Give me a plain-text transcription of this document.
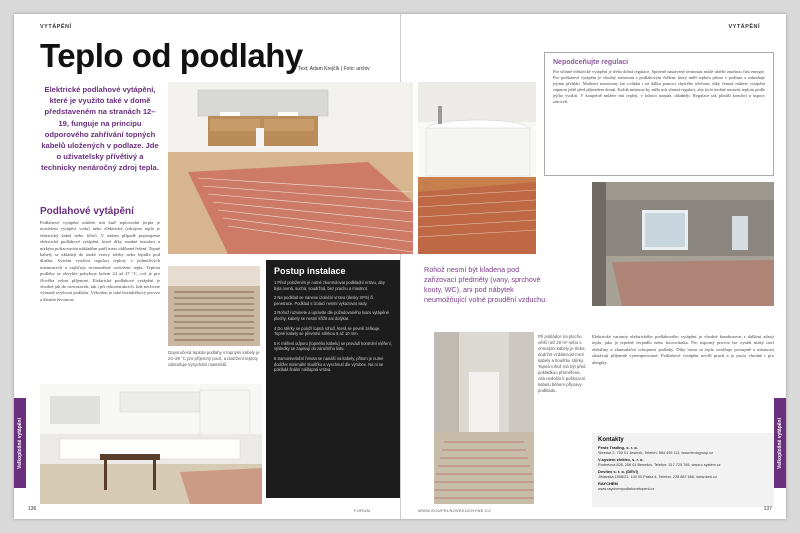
VYTÁPĚNÍ	VYTÁPĚNÍ
Teplo od podlahy
Text: Adam Krejčík | Foto: archiv
Elektrické podlahové vytápění, které je využito také v domě představeném na stranách 12–19, funguje na principu odporového zahřívání topných kabelů uložených v podlaze. Jde o uživatelsky přívětivý a technicky nenáročný zdroj tepla.
Podlahové vytápění
Podlahové vytápění můžete mít buď teplovodní (tepla je nositelem vytápěcí voda) nebo elektrické (zdrojem tepla je elektrický kabel nebo fólie). V našem případě popisujeme elektrické podlahové vytápění, které díky snadné instalaci a nízkým pořizovacím nákladům patří mezi oblíbená řešení. Topné kabely se ukládají do tenké vrstvy stěrky nebo lepidla pod dlažbu. Systém využívá regulaci teploty v jednotlivých místnostech a zajišťuje rovnoměrné rozložení tepla. Teplota podlahy se obvykle pohybuje kolem 24 až 27 °C, což je pro člověka velmi příjemné. Elektrické podlahové vytápění je vhodné jak do novostaveb, tak i při rekonstrukcích, kde nechcete výrazně zvyšovat podlahu. Výhodou je také bezúdržbový provoz a dlouhá životnost.
Doporučená teplota podlahy s topnými kabely je 24–28 °C pro příjemný pocit, a dodržení teploty zabraňuje vysychání materiálů.
Postup instalace
1 Před položením je nutné zkontrolovat podkladní vrstvu, aby byla rovná, suchá, soudržná, bez prachu a mastnot.
2 Na podklad se nanese izolační vrstva (desky XPS) či penetrace. Podklad s izolací nesmí vykazovat vady.
3 Rohož rozvinete a upravíte dle požadovaného tvaru vytápěné plochy, kabely se nesmí křížit ani dotýkat.
4 Do stěrky se položí topná rohož, která se pevně zafixuje. Topné kabely se převrství stěrkou 5 až 10 mm.
5 K měření odporu (topného kabelu) se provádí kontrolní měření, výsledky se zapisují do záručního listu.
6 Samonivelační hmota se nanáší na kabely, přitom je nutné dodržet minimální tloušťku a vyschnutí dle výrobce. Na ni se pokládá finální nášlapná vrstva.
Rohož nesmí být kladena pod zařizovací předměty (vany, sprchové kouty, WC), ani pod nábytek neumožňující volné proudění vzduchu.
Nepodceňujte regulaci
Pro účinné elektrické vytápění je třeba dobrá regulace. Správně nastavený termostat může ušetřit značnou část energie. Pro podlahové vytápění je vhodný termostat s podlahovým čidlem, který měří teplotu přímo v podlaze a zabraňuje jejímu přehřátí. Moderní termostaty lze ovládat i na dálku pomocí chytrého telefonu, díky čemuž můžete vytápění zapnout ještě před příjezdem domů. Každá místnost by měla mít vlastní regulaci, aby bylo možné nastavit teplotu podle jejího využití. V koupelně můžete mít tepleji, v ložnici naopak chladněji. Regulace tak přináší komfort a úspory zároveň.
Při pokládce na plochu větší než 20 m² nebo s ohnutými kabely je třeba dodržet vzdálenost mezi kabely a tloušťku stěrky. Topná rohož má být před pokládkou přeměřena, zda nedošlo k poškození kabelu během přípravy podkladu.
Elektrické varianty elektrického podlahového vytápění je vhodné kombinovat s dalšími zdroji tepla, jako je tepelné čerpadlo nebo fotovoltaika. Pro úsporný provoz lze využít nízký tarif elektřiny a akumulační schopnost podlahy. Díky tomu se teplo uvolňuje postupně a místnosti zůstávají příjemně vytemperované. Podlahové vytápění nevíří prach a je proto vhodné i pro alergiky.
Kontakty
Fenix Trading, s. r. o.
Slezská 2, 790 01 Jeseník, Telefon: 584 495 111, www.fenixgroup.cz
V-system elektro, s. r. o.
Rudeéova 828, 256 01 Benešov, Telefon: 317 725 765, www.v-system.cz
Devitex s. r. o. (DEVI)
Jihlavská 1558/21, 140 00 Praha 4, Telefon: 228 887 666, www.devi.cz
RAYCHEM
www.raychempodlahovetopeni.cz
Velkoplošné vytápění	Velkoplošné vytápění
136	FORUM	WWW.KOUPELNOVEKUCHYNE.CZ	137
